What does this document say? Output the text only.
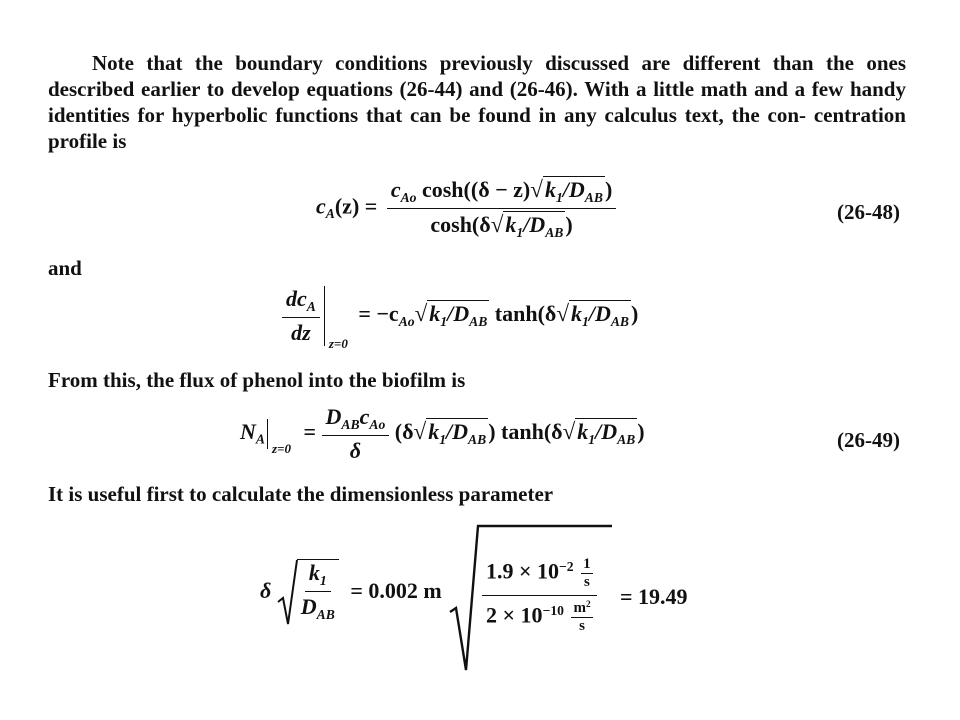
Note that the boundary conditions previously discussed are different than the ones described earlier to develop equations (26-44) and (26-46). With a little math and a few handy identities for hyperbolic functions that can be found in any calculus text, the con- centration profile is

$c_A(z) = \frac{c_{Ao} \cosh((\delta - z)√k_1/D_{AB})}{\cosh(\delta√k_1/D_{AB})}$	(26-48)
and
$\frac{dc_A}{dz} z=0$
= $-c_{Ao}√k_1/D_{AB}$ $\tanh(\delta√k_1/D_{AB})$
From this, the flux of phenol into the biofilm is
$N_A$
z=0
= $\frac{D_{AB}c_{Ao}}{\delta} (\delta√k_1/D_{AB})$ $\tanh(\delta√k_1/D_{AB})$	(26-49)
It is useful first to calculate the dimensionless parameter
δ $\frac{k_1}{D_{AB}} = 0.002$ m $\frac{1.9 \times 10^{-2} \frac{1}{s}}{2 \times 10^{-10} \frac{m^2}{s}} = 19.49$
